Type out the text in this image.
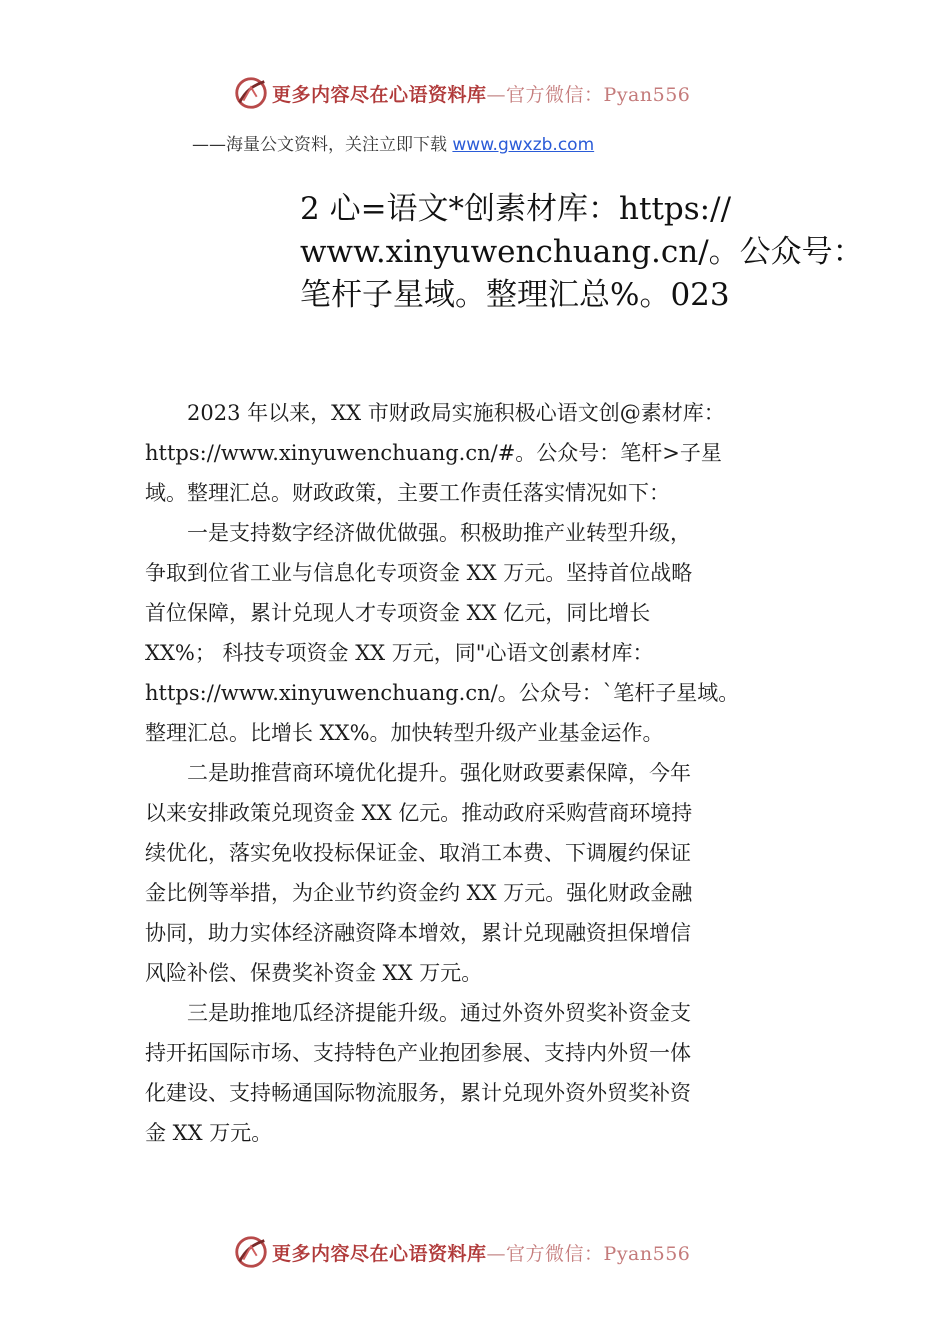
更多内容尽在心语资料库—官方微信：Pyan556
——海量公文资料，关注立即下载 www.gwxzb.com
2 心=语文*创素材库：https://
www.xinyuwenchuang.cn/。公众号：
笔杆子星域。整理汇总%。023

2023 年以来，XX 市财政局实施积极心语文创@素材库：
https://www.xinyuwenchuang.cn/#。公众号：笔杆>子星
域。整理汇总。财政政策，主要工作责任落实情况如下：

一是支持数字经济做优做强。积极助推产业转型升级，
争取到位省工业与信息化专项资金 XX 万元。坚持首位战略
首位保障，累计兑现人才专项资金 XX 亿元，同比增长
XX%； 科技专项资金 XX 万元，同"心语文创素材库：
https://www.xinyuwenchuang.cn/。公众号：`笔杆子星域。
整理汇总。比增长 XX%。加快转型升级产业基金运作。

二是助推营商环境优化提升。强化财政要素保障，今年
以来安排政策兑现资金 XX 亿元。推动政府采购营商环境持
续优化，落实免收投标保证金、取消工本费、下调履约保证
金比例等举措，为企业节约资金约 XX 万元。强化财政金融
协同，助力实体经济融资降本增效，累计兑现融资担保增信
风险补偿、保费奖补资金 XX 万元。

三是助推地瓜经济提能升级。通过外资外贸奖补资金支
持开拓国际市场、支持特色产业抱团参展、支持内外贸一体
化建设、支持畅通国际物流服务，累计兑现外资外贸奖补资
金 XX 万元。

更多内容尽在心语资料库—官方微信：Pyan556
